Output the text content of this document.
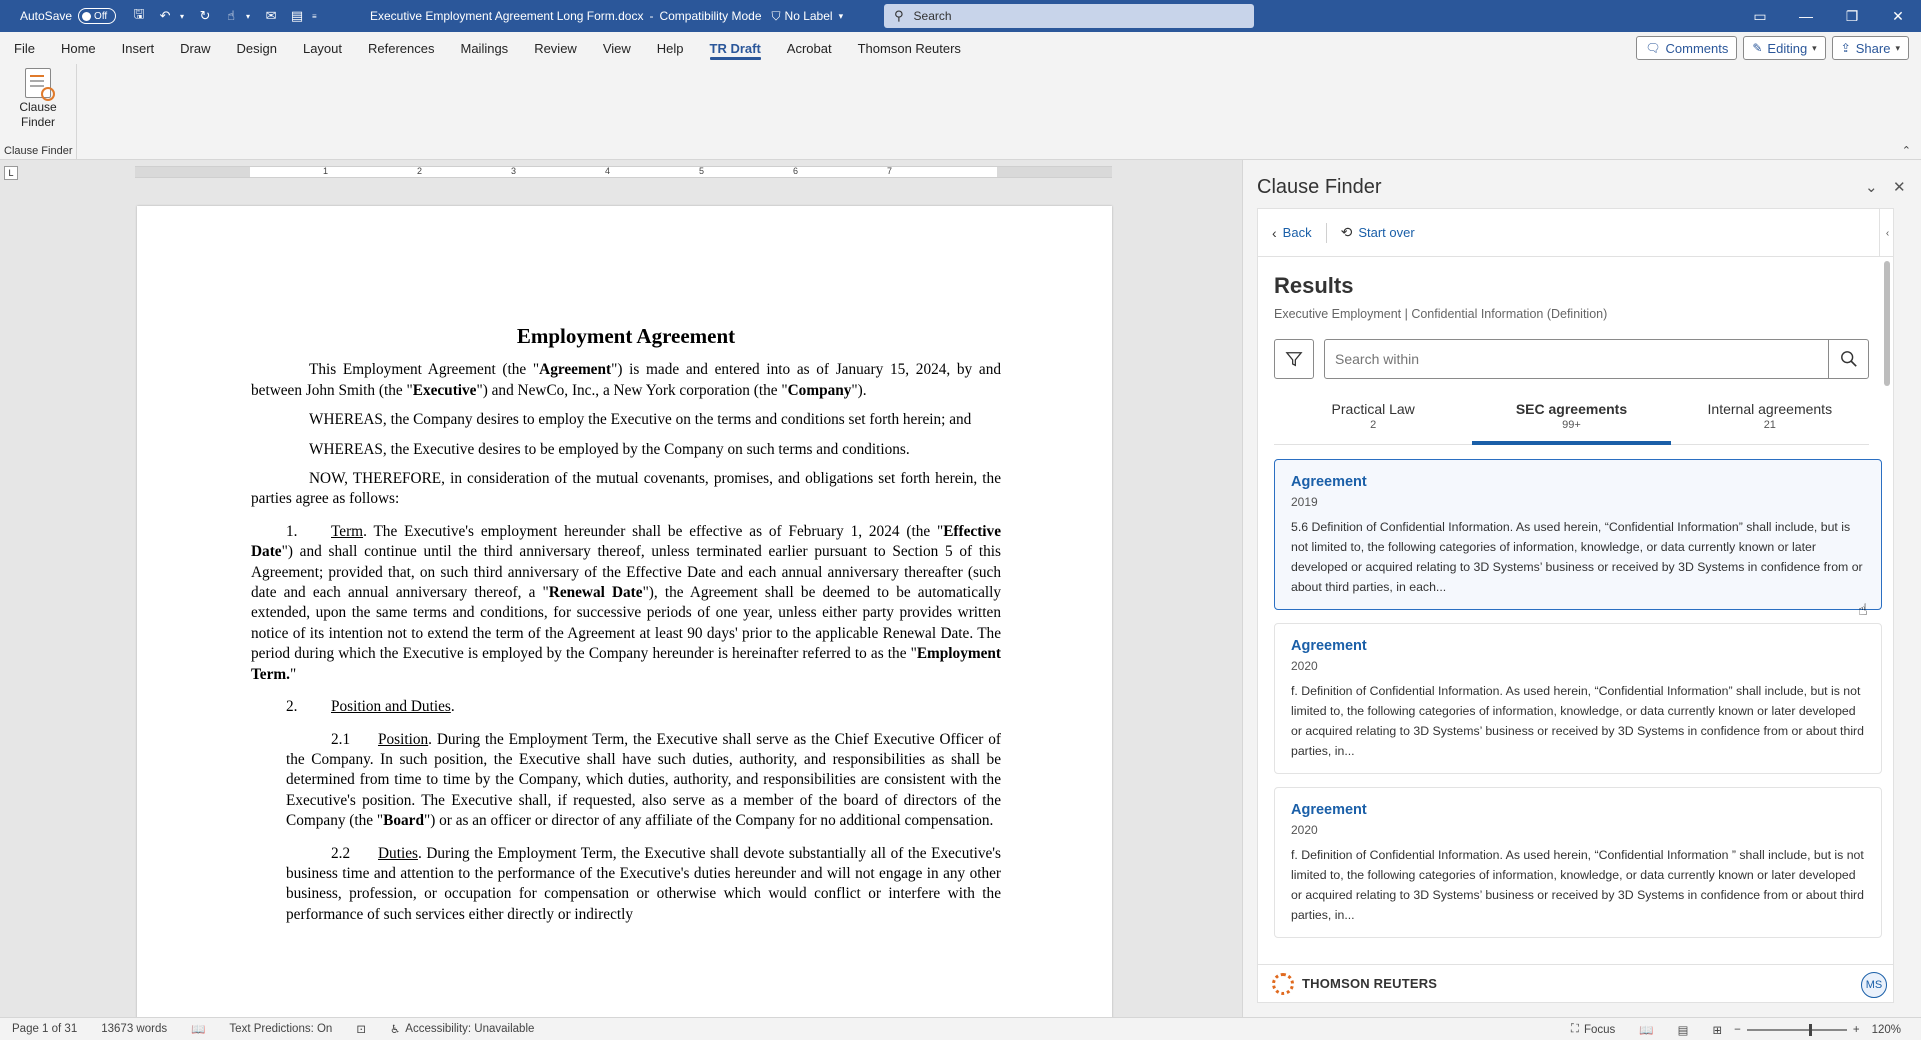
AutoSave Off	🖫	↶	▾	↻	☝	▾	✉	▤	≡	Executive Employment Agreement Long Form.docx - Compatibility Mode ⛉ No Label ▾	⚲ Search	▭	—	❐	✕
File	Home	Insert	Draw	Design	Layout	References	Mailings	Review	View	Help	TR Draft	Acrobat	Thomson Reuters	🗨 Comments ✎ Editing ▾ ⇪ Share ▾
Clause Finder
Clause Finder	⌃
L	1	2	3	4	5	6	7
Employment Agreement

This Employment Agreement (the "Agreement") is made and entered into as of January 15, 2024, by and between John Smith (the "Executive") and NewCo, Inc., a New York corporation (the "Company").

WHEREAS, the Company desires to employ the Executive on the terms and conditions set forth herein; and

WHEREAS, the Executive desires to be employed by the Company on such terms and conditions.

NOW, THEREFORE, in consideration of the mutual covenants, promises, and obligations set forth herein, the parties agree as follows:

1. Term. The Executive's employment hereunder shall be effective as of February 1, 2024 (the "Effective Date") and shall continue until the third anniversary thereof, unless terminated earlier pursuant to Section 5 of this Agreement; provided that, on such third anniversary of the Effective Date and each annual anniversary thereafter (such date and each annual anniversary thereof, a "Renewal Date"), the Agreement shall be deemed to be automatically extended, upon the same terms and conditions, for successive periods of one year, unless either party provides written notice of its intention not to extend the term of the Agreement at least 90 days' prior to the applicable Renewal Date. The period during which the Executive is employed by the Company hereunder is hereinafter referred to as the "Employment Term."

2. Position and Duties.

2.1 Position. During the Employment Term, the Executive shall serve as the Chief Executive Officer of the Company. In such position, the Executive shall have such duties, authority, and responsibilities as shall be determined from time to time by the Company, which duties, authority, and responsibilities are consistent with the Executive's position. The Executive shall, if requested, also serve as a member of the board of directors of the Company (the "Board") or as an officer or director of any affiliate of the Company for no additional compensation.

2.2 Duties. During the Employment Term, the Executive shall devote substantially all of the Executive's business time and attention to the performance of the Executive's duties hereunder and will not engage in any other business, profession, or occupation for compensation or otherwise which would conflict or interfere with the performance of such services either directly or indirectly

Clause Finder	⌄ ✕
‹ Back ⟲ Start over	‹
Results
Executive Employment | Confidential Information (Definition)
Search within
Practical Law
2
SEC agreements
99+
Internal agreements
21
Agreement
2019
5.6 Definition of Confidential Information. As used herein, “Confidential Information” shall include, but is not limited to, the following categories of information, knowledge, or data currently known or later developed or acquired relating to 3D Systems’ business or received by 3D Systems in confidence from or about third parties, in each...
Agreement
2020
f. Definition of Confidential Information. As used herein, “Confidential Information” shall include, but is not limited to, the following categories of information, knowledge, or data currently known or later developed or acquired relating to 3D Systems’ business or received by 3D Systems in confidence from or about third parties, in...
Agreement
2020
f. Definition of Confidential Information. As used herein, “Confidential Information ” shall include, but is not limited to, the following categories of information, knowledge, or data currently known or later developed or acquired relating to 3D Systems’ business or received by 3D Systems in confidence from or about third parties, in...
THOMSON REUTERS	MS
☝
Page 1 of 31	13673 words	📖	Text Predictions: On	⊡	♿ Accessibility: Unavailable	⛶ Focus	📖	▤	⊞	−	+	120%
